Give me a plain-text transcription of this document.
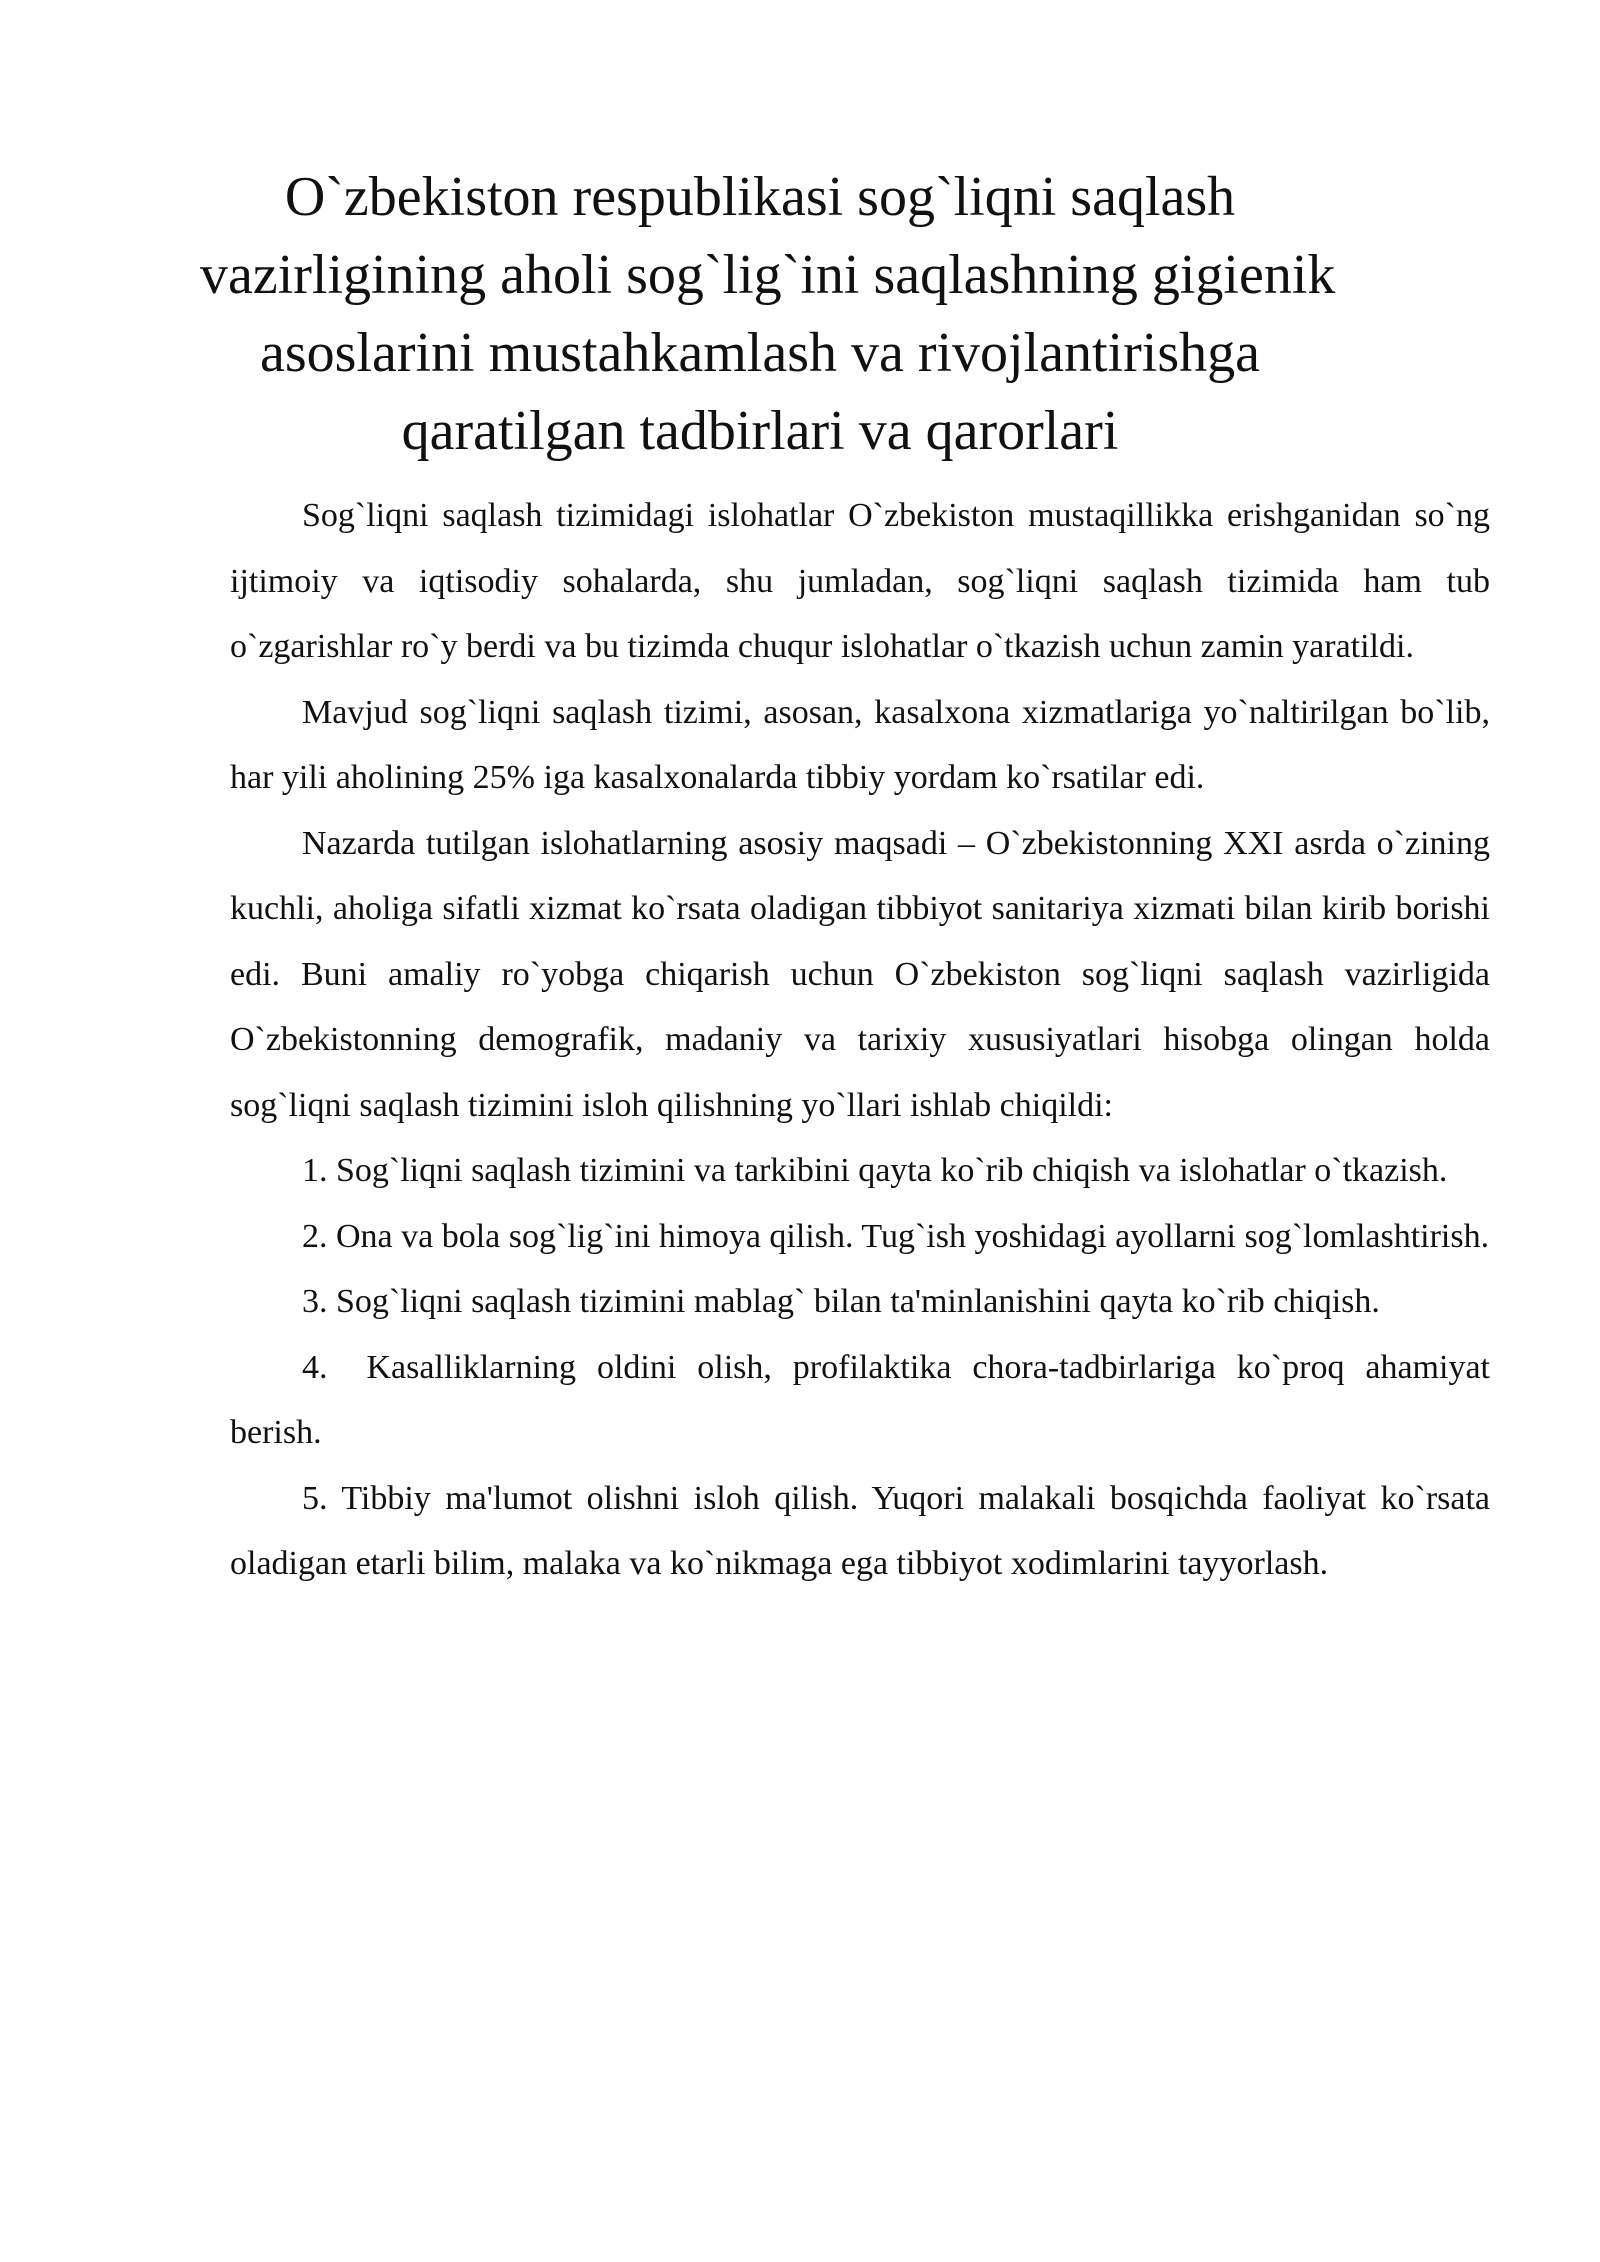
O`zbekiston respublikasi sog`liqni saqlash
vazirligining aholi sog`lig`ini saqlashning gigienik
asoslarini mustahkamlash va rivojlantirishga
qaratilgan tadbirlari va qarorlari

Sog`liqni saqlash tizimidagi islohatlar O`zbekiston mustaqillikka erishganidan so`ng ijtimoiy va iqtisodiy sohalarda, shu jumladan, sog`liqni saqlash tizimida ham tub o`zgarishlar ro`y berdi va bu tizimda chuqur islohatlar o`tkazish uchun zamin yaratildi.

Mavjud sog`liqni saqlash tizimi, asosan, kasalxona xizmatlariga yo`naltirilgan bo`lib, har yili aholining 25% iga kasalxonalarda tibbiy yordam ko`rsatilar edi.

Nazarda tutilgan islohatlarning asosiy maqsadi – O`zbekistonning XXI asrda o`zining kuchli, aholiga sifatli xizmat ko`rsata oladigan tibbiyot sanitariya xizmati bilan kirib borishi edi. Buni amaliy ro`yobga chiqarish uchun O`zbekiston sog`liqni saqlash vazirligida O`zbekistonning demografik, madaniy va tarixiy xususiyatlari hisobga olingan holda sog`liqni saqlash tizimini isloh qilishning yo`llari ishlab chiqildi:

1. Sog`liqni saqlash tizimini va tarkibini qayta ko`rib chiqish va islohatlar o`tkazish.

2. Ona va bola sog`lig`ini himoya qilish. Tug`ish yoshidagi ayollarni sog`lomlashtirish.

3. Sog`liqni saqlash tizimini mablag` bilan ta'minlanishini qayta ko`rib chiqish.

4. Kasalliklarning oldini olish, profilaktika chora-tadbirlariga ko`proq ahamiyat berish.

5. Tibbiy ma'lumot olishni isloh qilish. Yuqori malakali bosqichda faoliyat ko`rsata oladigan etarli bilim, malaka va ko`nikmaga ega tibbiyot xodimlarini tayyorlash.
